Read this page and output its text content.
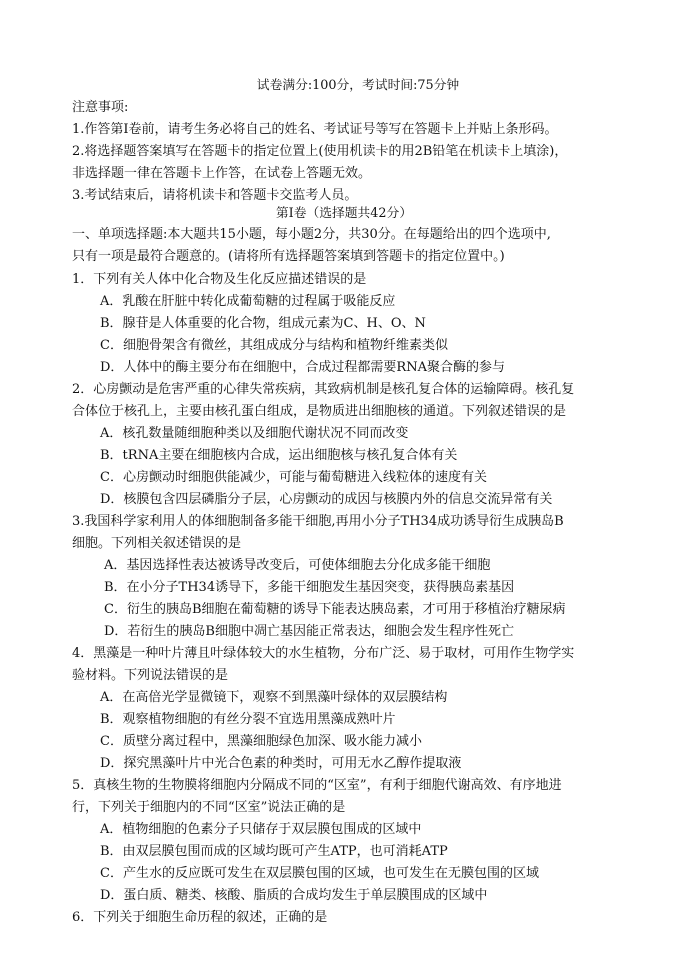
试卷满分:100分，考试时间:75分钟
注意事项:
1.作答第Ⅰ卷前，请考生务必将自己的姓名、考试证号等写在答题卡上并贴上条形码。
2.将选择题答案填写在答题卡的指定位置上(使用机读卡的用2B铅笔在机读卡上填涂)，
非选择题一律在答题卡上作答，在试卷上答题无效。
3.考试结束后，请将机读卡和答题卡交监考人员。
第Ⅰ卷（选择题共42分）
一、单项选择题:本大题共15小题，每小题2分，共30分。在每题给出的四个选项中,
只有一项是最符合题意的。(请将所有选择题答案填到答题卡的指定位置中。)
1．下列有关人体中化合物及生化反应描述错误的是
A．乳酸在肝脏中转化成葡萄糖的过程属于吸能反应
B．腺苷是人体重要的化合物，组成元素为C、H、O、N
C．细胞骨架含有微丝，其组成成分与结构和植物纤维素类似
D．人体中的酶主要分布在细胞中，合成过程都需要RNA聚合酶的参与
2．心房颤动是危害严重的心律失常疾病，其致病机制是核孔复合体的运输障碍。核孔复
合体位于核孔上，主要由核孔蛋白组成，是物质进出细胞核的通道。下列叙述错误的是
A．核孔数量随细胞种类以及细胞代谢状况不同而改变
B．tRNA主要在细胞核内合成，运出细胞核与核孔复合体有关
C．心房颤动时细胞供能减少，可能与葡萄糖进入线粒体的速度有关
D．核膜包含四层磷脂分子层，心房颤动的成因与核膜内外的信息交流异常有关
3.我国科学家利用人的体细胞制备多能干细胞,再用小分子TH34成功诱导衍生成胰岛B
细胞。下列相关叙述错误的是
A．基因选择性表达被诱导改变后，可使体细胞去分化成多能干细胞
B．在小分子TH34诱导下，多能干细胞发生基因突变，获得胰岛素基因
C．衍生的胰岛B细胞在葡萄糖的诱导下能表达胰岛素，才可用于移植治疗糖尿病
D．若衍生的胰岛B细胞中凋亡基因能正常表达，细胞会发生程序性死亡
4．黑藻是一种叶片薄且叶绿体较大的水生植物，分布广泛、易于取材，可用作生物学实
验材料。下列说法错误的是
A．在高倍光学显微镜下，观察不到黑藻叶绿体的双层膜结构
B．观察植物细胞的有丝分裂不宜选用黑藻成熟叶片
C．质壁分离过程中，黑藻细胞绿色加深、吸水能力减小
D．探究黑藻叶片中光合色素的种类时，可用无水乙醇作提取液
5．真核生物的生物膜将细胞内分隔成不同的“区室”，有利于细胞代谢高效、有序地进
行，下列关于细胞内的不同“区室”说法正确的是
A．植物细胞的色素分子只储存于双层膜包围成的区域中
B．由双层膜包围而成的区域均既可产生ATP，也可消耗ATP
C．产生水的反应既可发生在双层膜包围的区域，也可发生在无膜包围的区域
D．蛋白质、糖类、核酸、脂质的合成均发生于单层膜围成的区域中
6．下列关于细胞生命历程的叙述，正确的是
